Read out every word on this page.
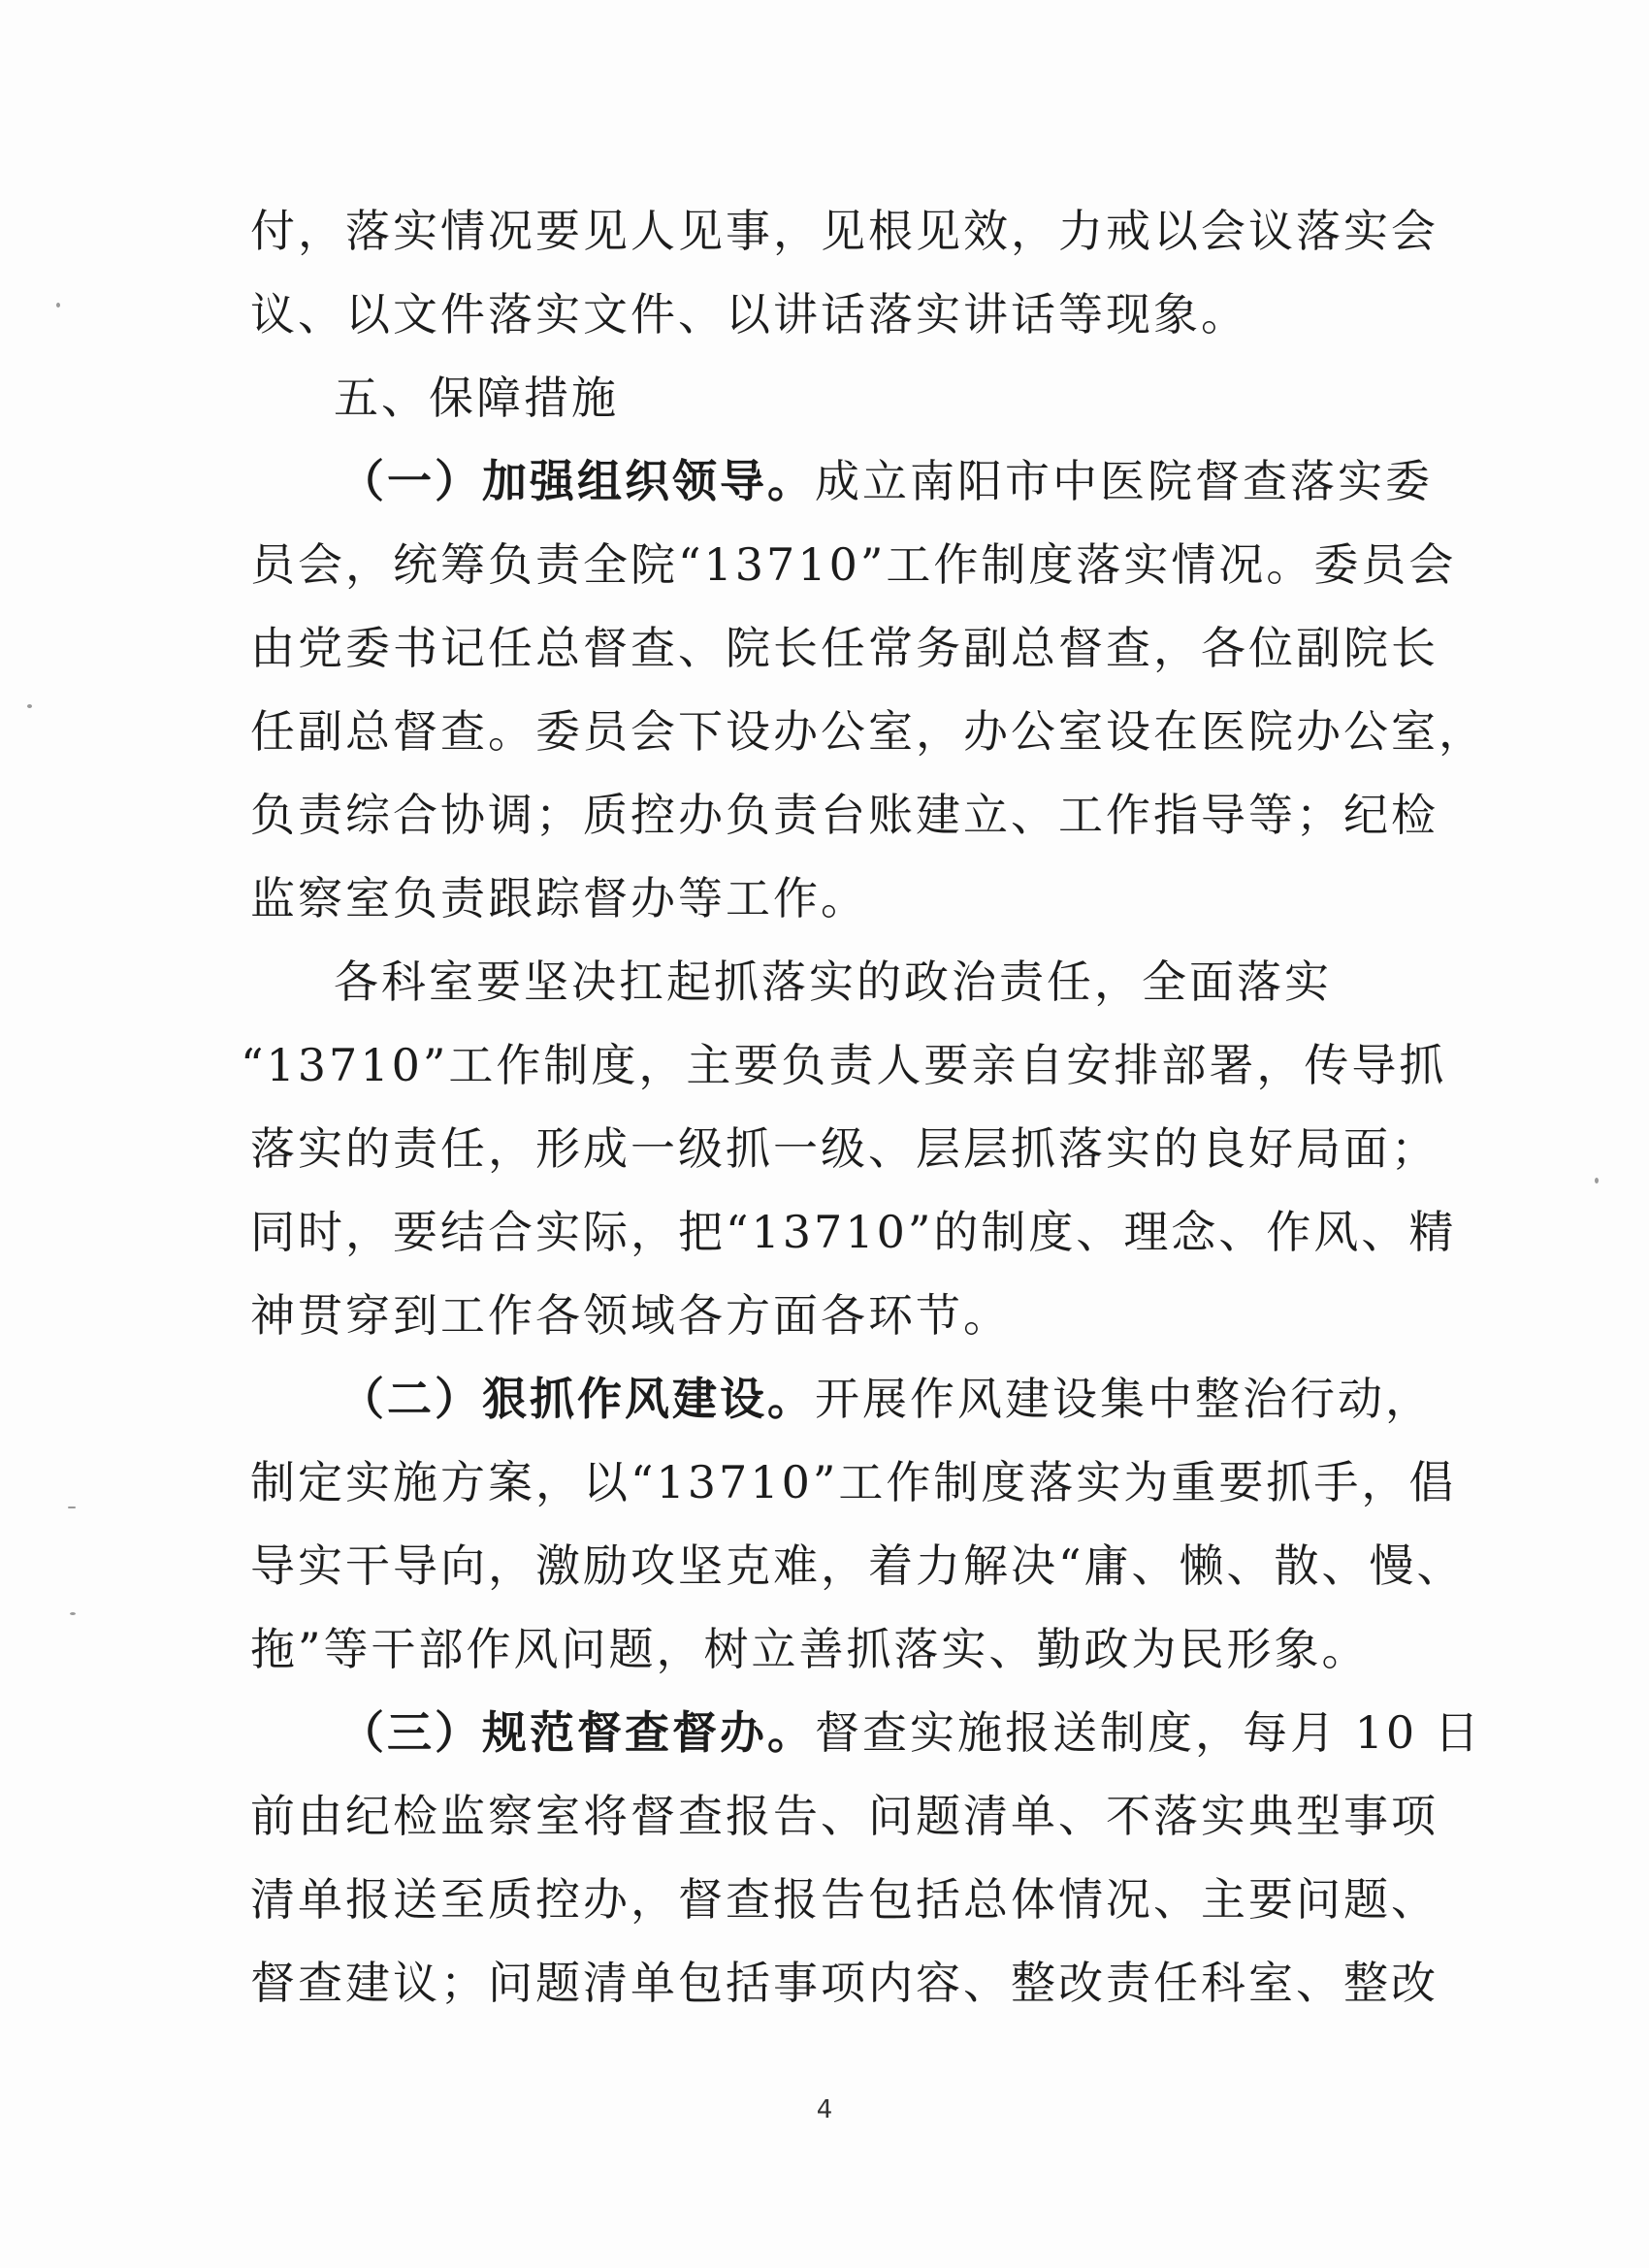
付，落实情况要见人见事，见根见效，力戒以会议落实会
议、以文件落实文件、以讲话落实讲话等现象。
五、保障措施
（一）加强组织领导。成立南阳市中医院督查落实委
员会，统筹负责全院“13710”工作制度落实情况。委员会
由党委书记任总督查、院长任常务副总督查，各位副院长
任副总督查。委员会下设办公室，办公室设在医院办公室，
负责综合协调；质控办负责台账建立、工作指导等；纪检
监察室负责跟踪督办等工作。
各科室要坚决扛起抓落实的政治责任，全面落实
“13710”工作制度，主要负责人要亲自安排部署，传导抓
落实的责任，形成一级抓一级、层层抓落实的良好局面；
同时，要结合实际，把“13710”的制度、理念、作风、精
神贯穿到工作各领域各方面各环节。
（二）狠抓作风建设。开展作风建设集中整治行动，
制定实施方案，以“13710”工作制度落实为重要抓手，倡
导实干导向，激励攻坚克难，着力解决“庸、懒、散、慢、
拖”等干部作风问题，树立善抓落实、勤政为民形象。
（三）规范督查督办。督查实施报送制度，每月 10 日
前由纪检监察室将督查报告、问题清单、不落实典型事项
清单报送至质控办，督查报告包括总体情况、主要问题、
督查建议；问题清单包括事项内容、整改责任科室、整改
4
